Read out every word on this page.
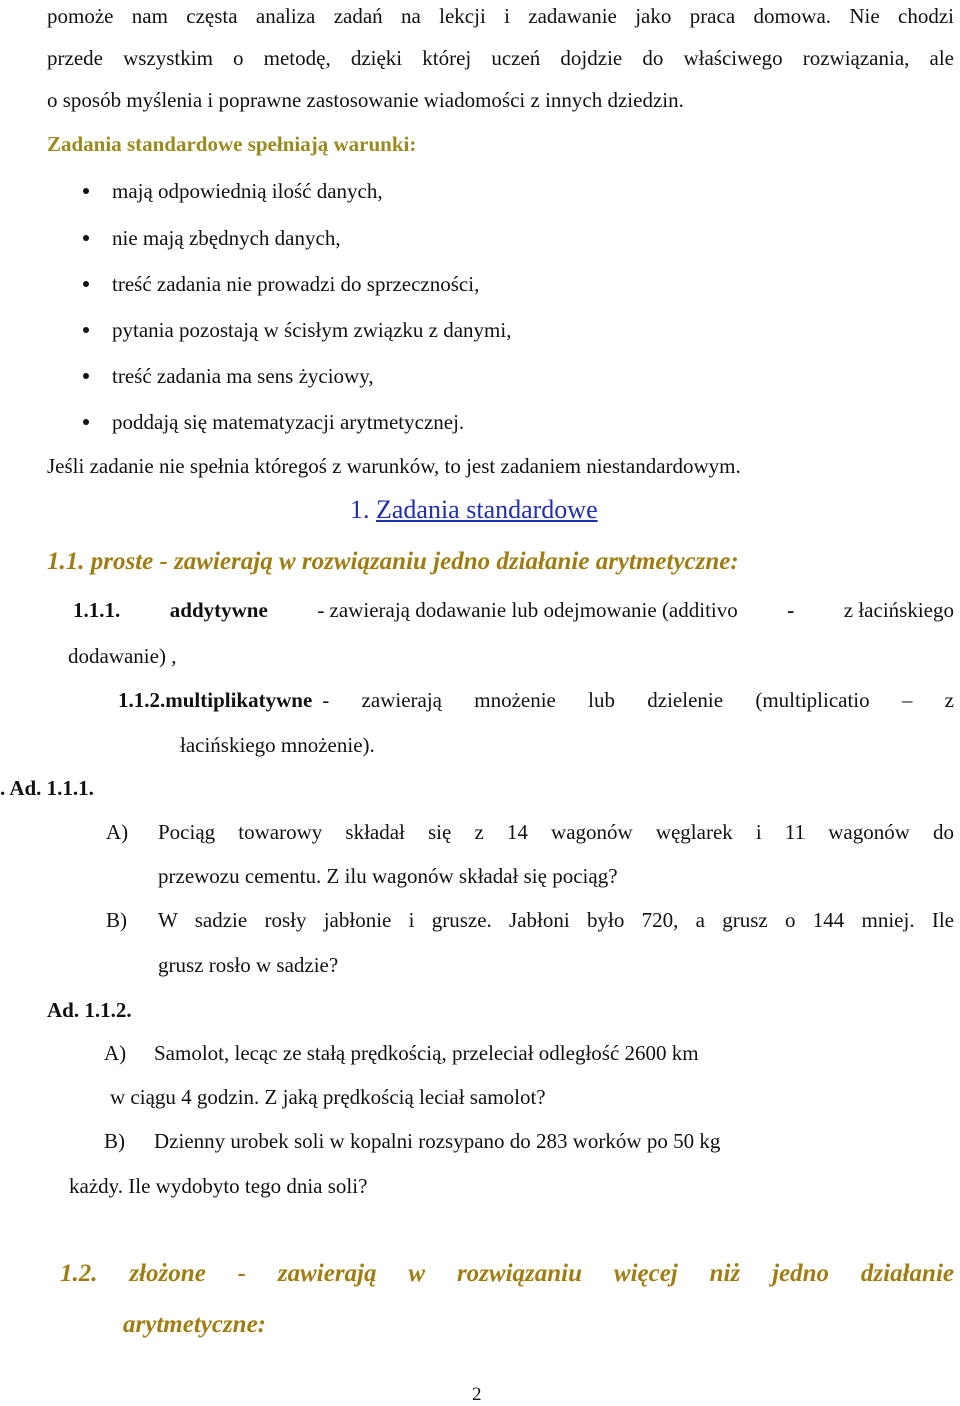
pomoże nam częsta analiza zadań na lekcji i zadawanie jako praca domowa. Nie chodzi
przede wszystkim o metodę, dzięki której uczeń dojdzie do właściwego rozwiązania, ale
o sposób myślenia i poprawne zastosowanie wiadomości z innych dziedzin.
Zadania standardowe spełniają warunki:
mają odpowiednią ilość danych,
nie mają zbędnych danych,
treść zadania nie prowadzi do sprzeczności,
pytania pozostają w ścisłym związku z danymi,
treść zadania ma sens życiowy,
poddają się matematyzacji arytmetycznej.
Jeśli zadanie nie spełnia któregoś z warunków, to jest zadaniem niestandardowym.
1. Zadania standardowe
1.1. proste - zawierają w rozwiązaniu jedno działanie arytmetyczne:
1.1.1. addytywne - zawierają dodawanie lub odejmowanie (additivo - z łacińskiego
dodawanie) ,
1.1.2. multiplikatywne - zawierają mnożenie lub dzielenie (multiplicatio – z
łacińskiego mnożenie).
. Ad. 1.1.1.
A) Pociąg towarowy składał się z 14 wagonów węglarek i 11 wagonów do
przewozu cementu. Z ilu wagonów składał się pociąg?
B) W sadzie rosły jabłonie i grusze. Jabłoni było 720, a grusz o 144 mniej. Ile
grusz rosło w sadzie?
Ad. 1.1.2.
A) Samolot, lecąc ze stałą prędkością, przeleciał odległość 2600 km
w ciągu 4 godzin. Z jaką prędkością leciał samolot?
B) Dzienny urobek soli w kopalni rozsypano do 283 worków po 50 kg
każdy. Ile wydobyto tego dnia soli?
1.2. złożone - zawierają w rozwiązaniu więcej niż jedno działanie
arytmetyczne:
2
